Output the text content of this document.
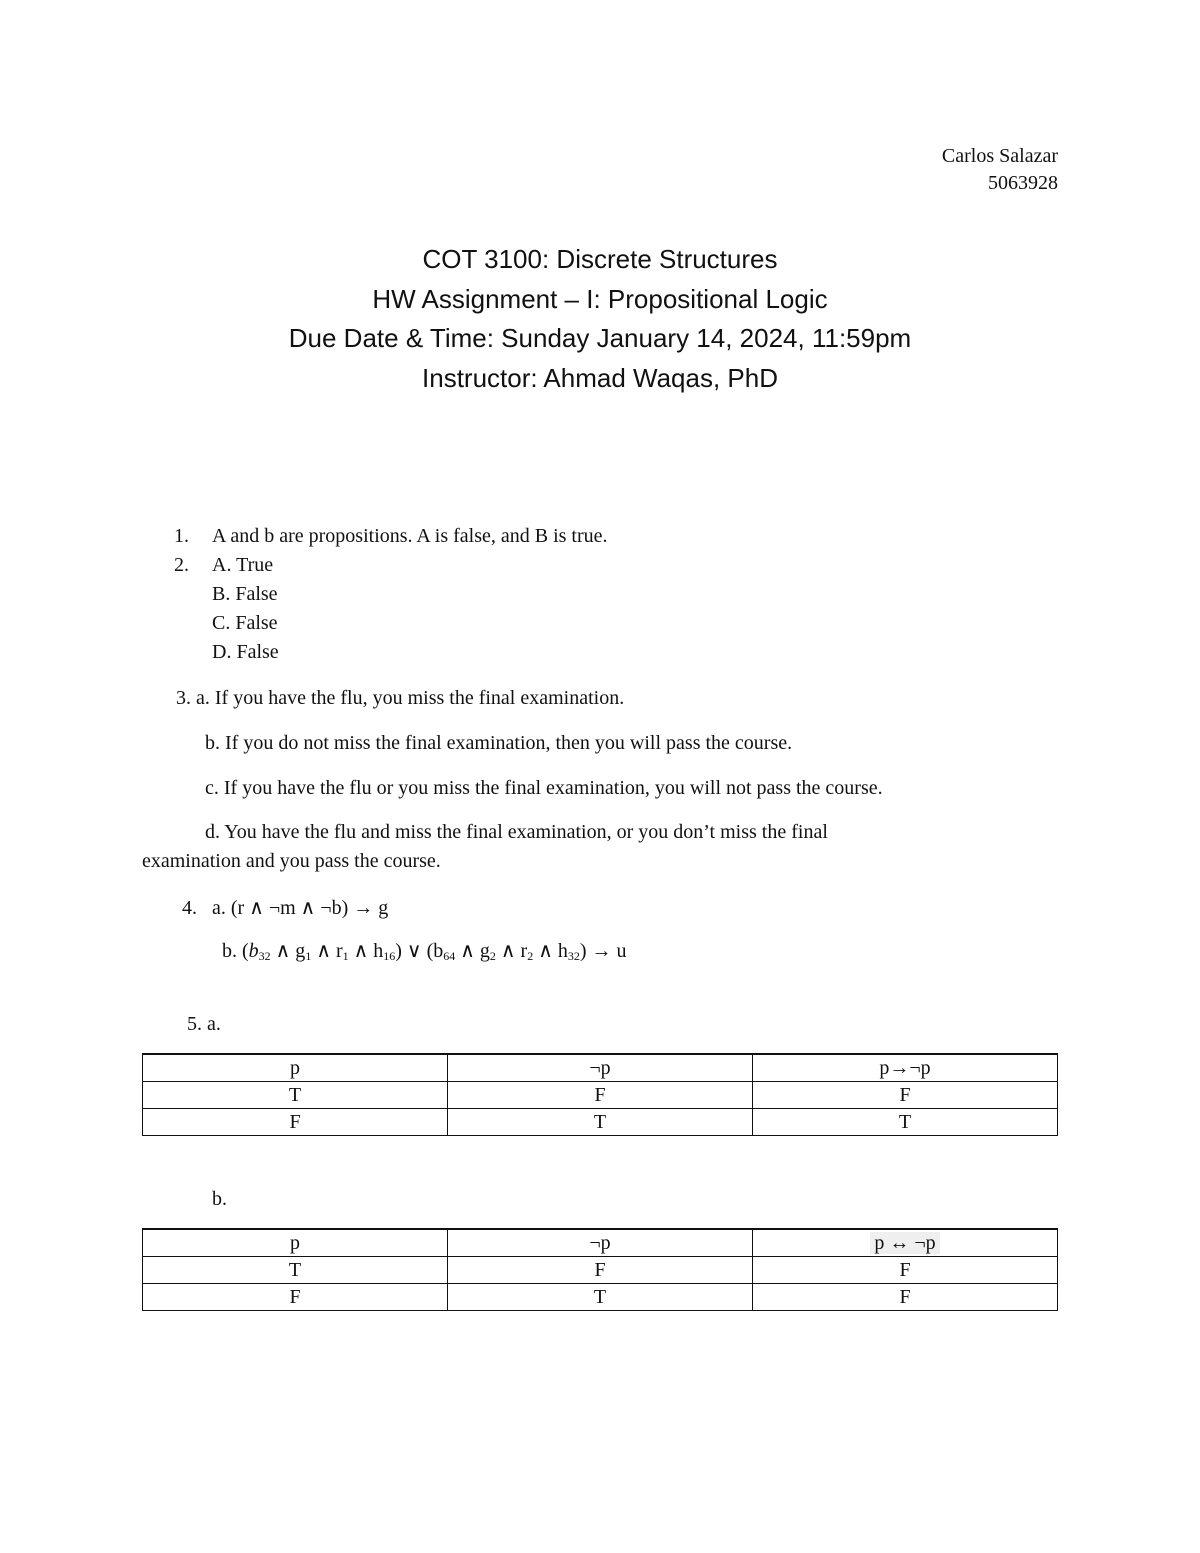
Carlos Salazar
5063928
COT 3100: Discrete Structures
HW Assignment – I: Propositional Logic
Due Date & Time: Sunday January 14, 2024, 11:59pm
Instructor: Ahmad Waqas, PhD
1. A and b are propositions. A is false, and B is true.
2. A. True
B. False
C. False
D. False
3. a. If you have the flu, you miss the final examination.
b. If you do not miss the final examination, then you will pass the course.
c. If you have the flu or you miss the final examination, you will not pass the course.
d. You have the flu and miss the final examination, or you don’t miss the final
examination and you pass the course.
4. a. (r ∧ ¬m ∧ ¬b) → g
b. ($b_{32}$ ∧ $g_1$ ∧ $r_1$ ∧ $h_{16}$) ∨ ($b_{64}$ ∧ $g_2$ ∧ $r_2$ ∧ $h_{32}) \to u$
5. a.
p	¬p	p→¬p
T	F	F
F	T	T
b.
p	¬p	p ↔ ¬p
T	F	F
F	T	F
